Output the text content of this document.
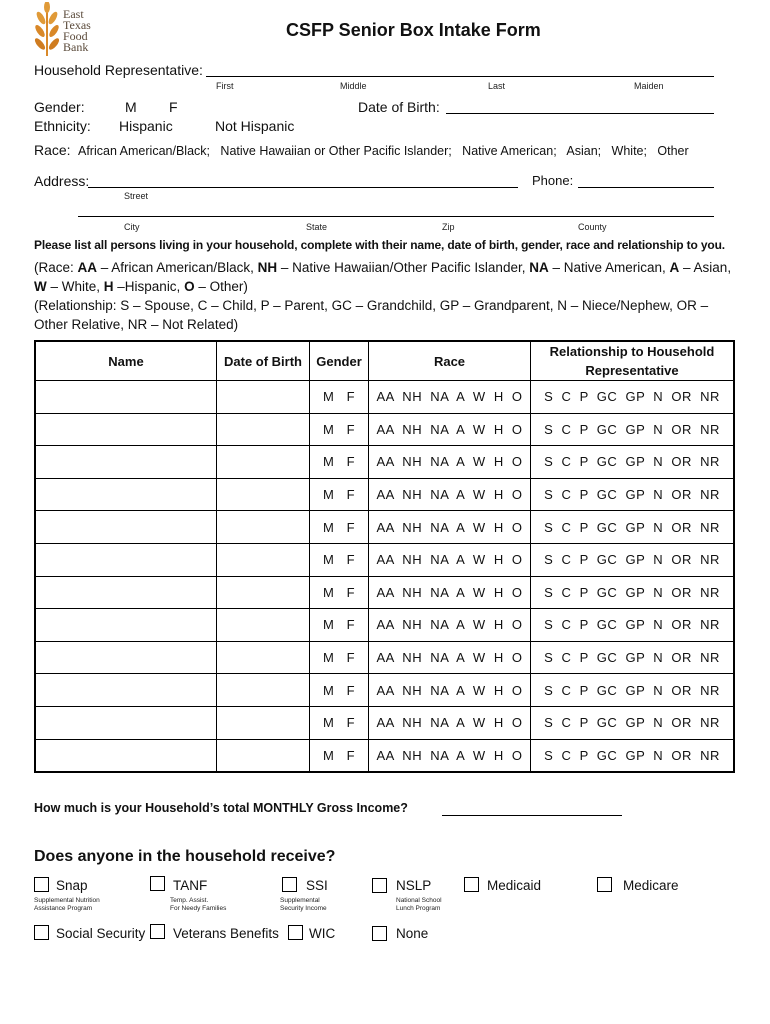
East
Texas
Food
Bank
CSFP Senior Box Intake Form
Household Representative:
First	Middle	Last	Maiden
Gender:	M F	Date of Birth:
Ethnicity: Hispanic	Not Hispanic
Race: African American/Black;   Native Hawaiian or Other Pacific Islander;   Native American;   Asian;   White;   Other
Address:
Street
Phone:
City	State	Zip	County
Please list all persons living in your household, complete with their name, date of birth, gender, race and relationship to you.
(Race: AA – African American/Black, NH – Native Hawaiian/Other Pacific Islander, NA – Native American, A – Asian,
W – White, H –Hispanic, O – Other)
(Relationship: S – Spouse, C – Child, P – Parent, GC – Grandchild, GP – Grandparent, N – Niece/Nephew, OR –
Other Relative, NR – Not Related)
Name	Date of Birth	Gender	Race	Relationship to Household Representative
		M   F	AA  NH  NA  A  W  H  O	S  C  P  GC  GP  N  OR  NR
		M   F	AA  NH  NA  A  W  H  O	S  C  P  GC  GP  N  OR  NR
		M   F	AA  NH  NA  A  W  H  O	S  C  P  GC  GP  N  OR  NR
		M   F	AA  NH  NA  A  W  H  O	S  C  P  GC  GP  N  OR  NR
		M   F	AA  NH  NA  A  W  H  O	S  C  P  GC  GP  N  OR  NR
		M   F	AA  NH  NA  A  W  H  O	S  C  P  GC  GP  N  OR  NR
		M   F	AA  NH  NA  A  W  H  O	S  C  P  GC  GP  N  OR  NR
		M   F	AA  NH  NA  A  W  H  O	S  C  P  GC  GP  N  OR  NR
		M   F	AA  NH  NA  A  W  H  O	S  C  P  GC  GP  N  OR  NR
		M   F	AA  NH  NA  A  W  H  O	S  C  P  GC  GP  N  OR  NR
		M   F	AA  NH  NA  A  W  H  O	S  C  P  GC  GP  N  OR  NR
		M   F	AA  NH  NA  A  W  H  O	S  C  P  GC  GP  N  OR  NR
How much is your Household’s total MONTHLY Gross Income?
Does anyone in the household receive?
Snap
Supplemental Nutrition
Assistance Program
TANF
Temp. Assist.
For Needy Families
SSI
Supplemental
Security Income
NSLP
National School
Lunch Program
Medicaid	Medicare
Social Security Veterans Benefits WIC	None
